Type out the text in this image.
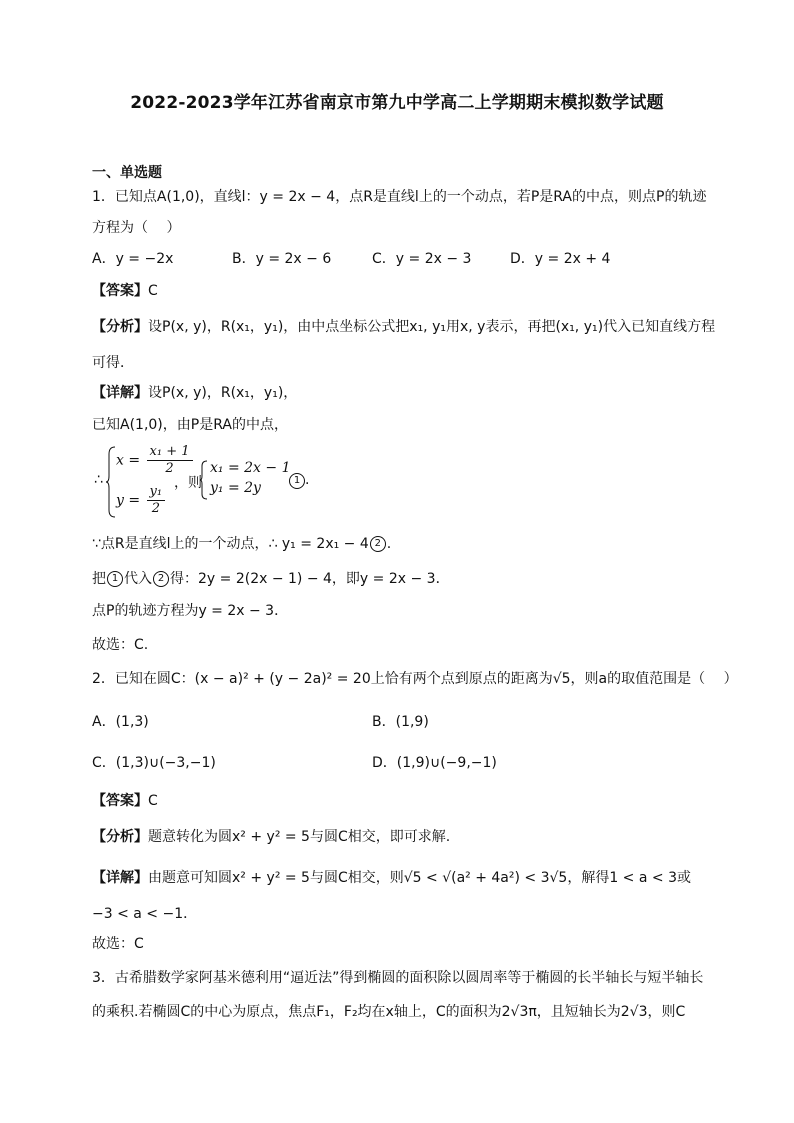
2022-2023学年江苏省南京市第九中学高二上学期期末模拟数学试题
一、单选题
1．已知点A(1,0)，直线l：y = 2x − 4，点R是直线l上的一个动点，若P是RA的中点，则点P的轨迹
方程为（　 ）
A．y = −2x	B．y = 2x − 6	C．y = 2x − 3	D．y = 2x + 4
【答案】C
【分析】设P(x, y)，R(x₁，y₁)，由中点坐标公式把x₁, y₁用x, y表示，再把(x₁, y₁)代入已知直线方程
可得．
【详解】设P(x, y)，R(x₁，y₁)，
已知A(1,0)，由P是RA的中点，
∴
$x = \frac{\text{x₁ + 1}}{2}$
$y = \frac{\text{y₁}}{2}$
，则
x₁ = 2x − 1
y₁ = 2y	1 .
∵点R是直线l上的一个动点，∴ y₁ = 2x₁ − 4 2 .
把 1 代入 2 得：2y = 2(2x − 1) − 4，即y = 2x − 3．
点P的轨迹方程为y = 2x − 3．
故选：C.
2．已知在圆C：(x − a)² + (y − 2a)² = 20上恰有两个点到原点的距离为√5，则a的取值范围是（　 ）
A．(1,3)	B．(1,9)
C．(1,3)∪(−3,−1)	D．(1,9)∪(−9,−1)
【答案】C
【分析】题意转化为圆x² + y² = 5与圆C相交，即可求解.
【详解】由题意可知圆x² + y² = 5与圆C相交，则√5 < √(a² + 4a²) < 3√5，解得1 < a < 3或
−3 < a < −1．
故选：C
3．古希腊数学家阿基米德利用“逼近法”得到椭圆的面积除以圆周率等于椭圆的长半轴长与短半轴长
的乘积.若椭圆C的中心为原点，焦点F₁，F₂均在x轴上，C的面积为2√3π，且短轴长为2√3，则C
